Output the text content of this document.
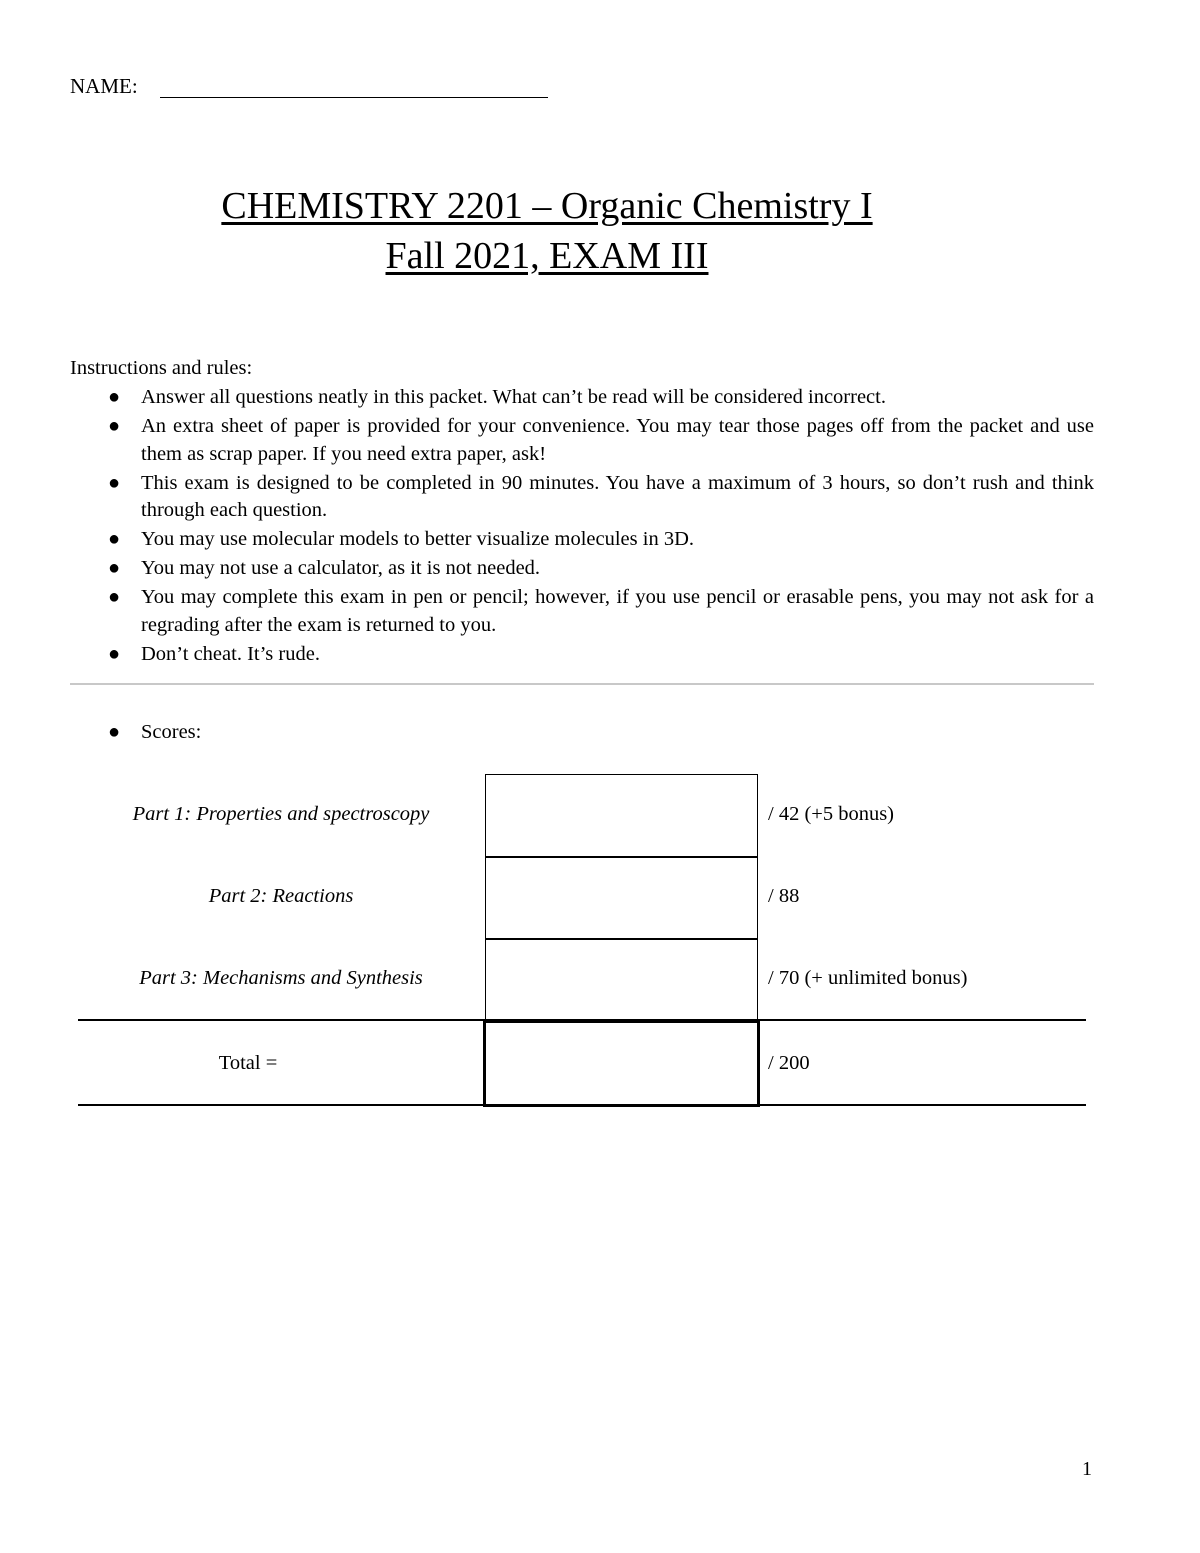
NAME:
CHEMISTRY 2201 – Organic Chemistry I
Fall 2021, EXAM III
Instructions and rules:
● Answer all questions neatly in this packet. What can’t be read will be considered incorrect.
● An extra sheet of paper is provided for your convenience. You may tear those pages off from the packet and use them as scrap paper. If you need extra paper, ask!
● This exam is designed to be completed in 90 minutes. You have a maximum of 3 hours, so don’t rush and think through each question.
● You may use molecular models to better visualize molecules in 3D.
● You may not use a calculator, as it is not needed.
● You may complete this exam in pen or pencil; however, if you use pencil or erasable pens, you may not ask for a regrading after the exam is returned to you.
● Don’t cheat. It’s rude.
● Scores:
Part 1: Properties and spectroscopy	/ 42 (+5 bonus)
Part 2: Reactions	/ 88
Part 3: Mechanisms and Synthesis	/ 70 (+ unlimited bonus)
Total =	/ 200
1
